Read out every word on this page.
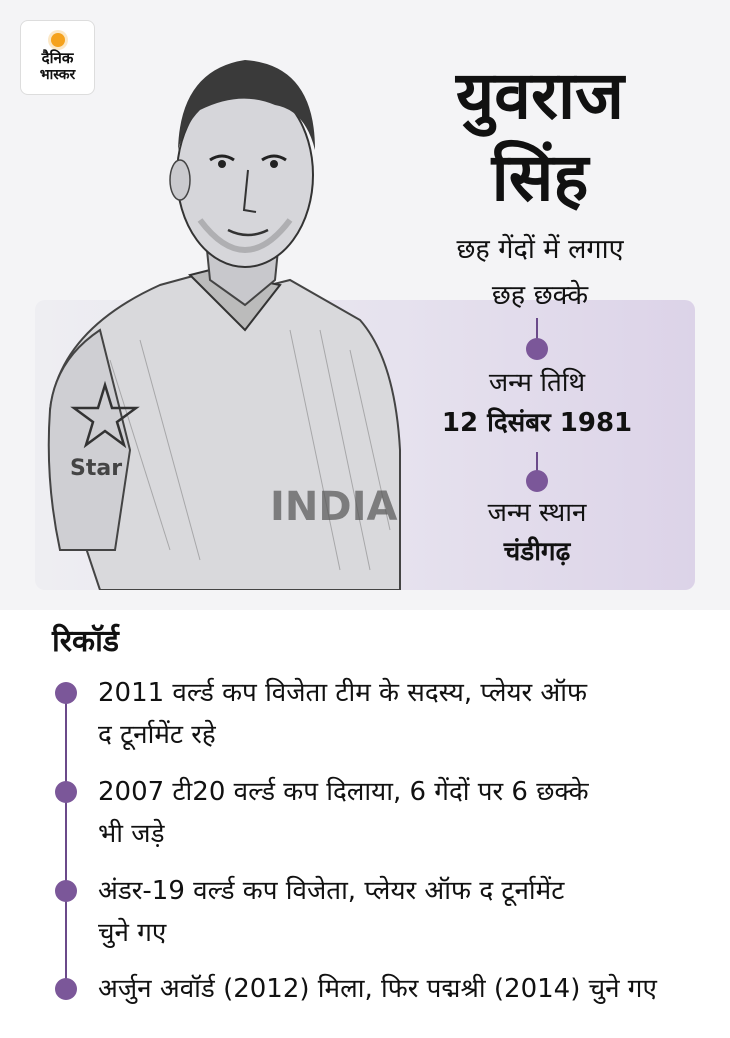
दैनिक
भास्कर
Star
INDIA
युवराज
सिंह
छह गेंदों में लगाए
छह छक्के
जन्म तिथि
12 दिसंबर 1981
जन्म स्थान
चंडीगढ़
रिकॉर्ड
2011 वर्ल्ड कप विजेता टीम के सदस्य, प्लेयर ऑफ
द टूर्नामेंट रहे
2007 टी20 वर्ल्ड कप दिलाया, 6 गेंदों पर 6 छक्के
भी जड़े
अंडर-19 वर्ल्ड कप विजेता, प्लेयर ऑफ द टूर्नामेंट
चुने गए
अर्जुन अवॉर्ड (2012) मिला, फिर पद्मश्री (2014) चुने गए
